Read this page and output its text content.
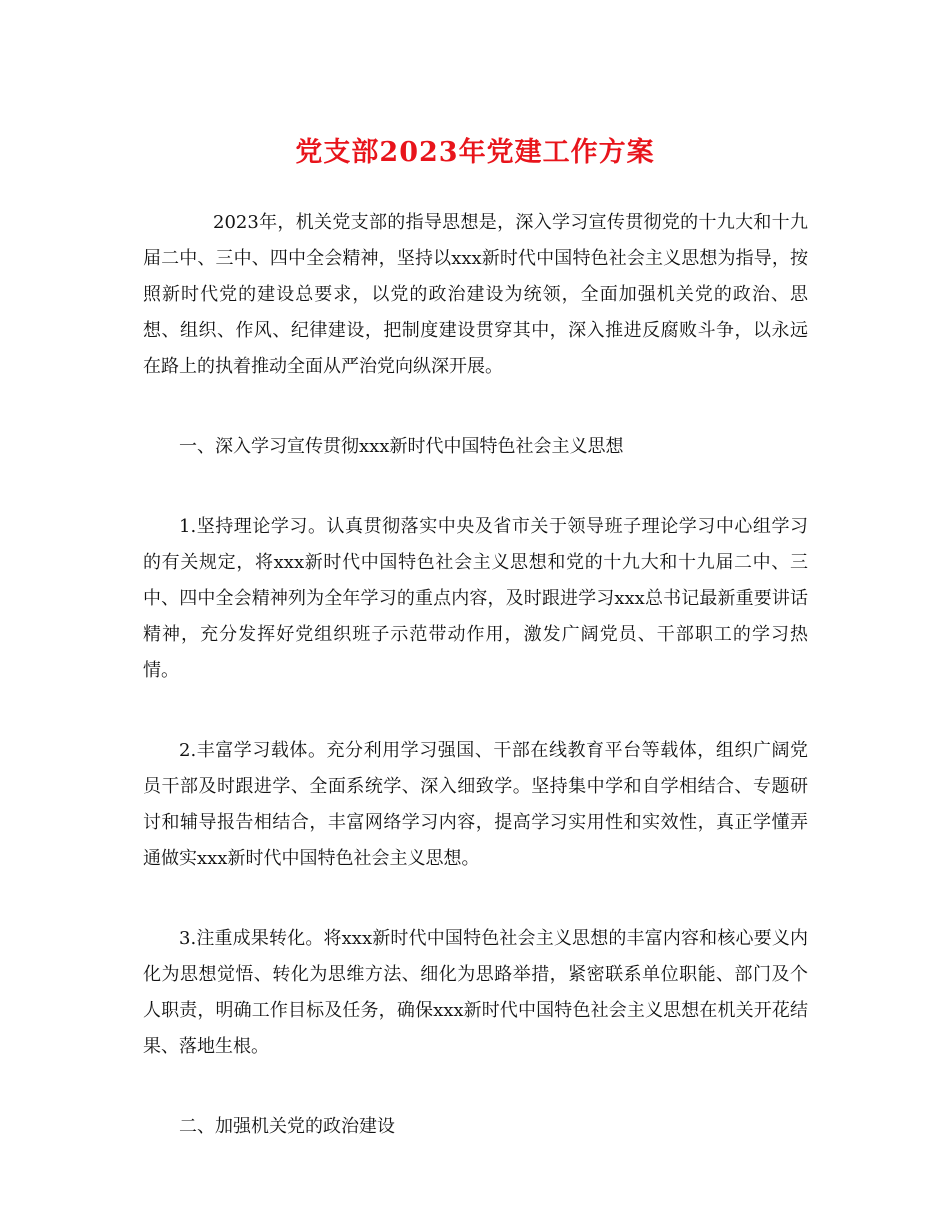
党支部2023年党建工作方案

2023年，机关党支部的指导思想是，深入学习宣传贯彻党的十九大和十九届二中、三中、四中全会精神，坚持以xxx新时代中国特色社会主义思想为指导，按照新时代党的建设总要求，以党的政治建设为统领，全面加强机关党的政治、思想、组织、作风、纪律建设，把制度建设贯穿其中，深入推进反腐败斗争，以永远在路上的执着推动全面从严治党向纵深开展。

一、深入学习宣传贯彻xxx新时代中国特色社会主义思想

1.坚持理论学习。认真贯彻落实中央及省市关于领导班子理论学习中心组学习的有关规定，将xxx新时代中国特色社会主义思想和党的十九大和十九届二中、三中、四中全会精神列为全年学习的重点内容，及时跟进学习xxx总书记最新重要讲话精神，充分发挥好党组织班子示范带动作用，激发广阔党员、干部职工的学习热情。

2.丰富学习载体。充分利用学习强国、干部在线教育平台等载体，组织广阔党员干部及时跟进学、全面系统学、深入细致学。坚持集中学和自学相结合、专题研讨和辅导报告相结合，丰富网络学习内容，提高学习实用性和实效性，真正学懂弄通做实xxx新时代中国特色社会主义思想。

3.注重成果转化。将xxx新时代中国特色社会主义思想的丰富内容和核心要义内化为思想觉悟、转化为思维方法、细化为思路举措，紧密联系单位职能、部门及个人职责，明确工作目标及任务，确保xxx新时代中国特色社会主义思想在机关开花结果、落地生根。

二、加强机关党的政治建设
